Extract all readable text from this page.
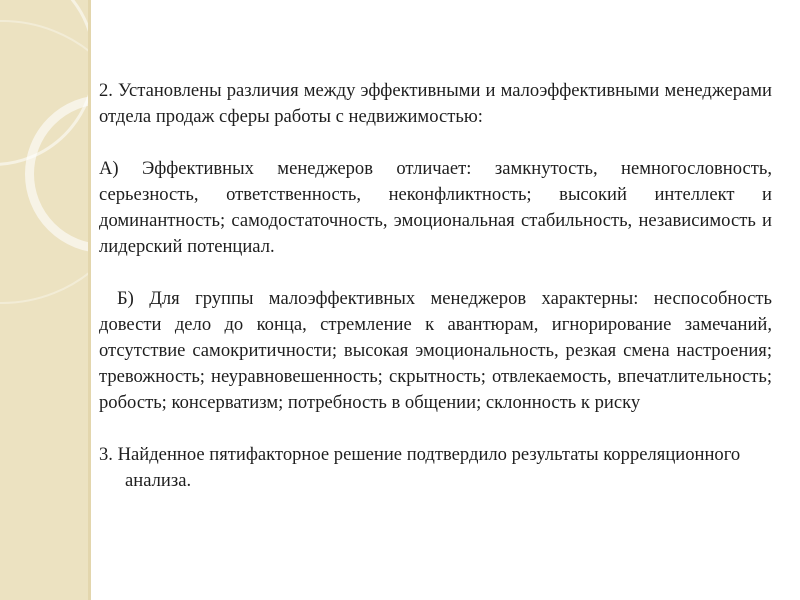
2. Установлены различия между эффективными и малоэффективными менеджерами отдела продаж сферы работы с недвижимостью:

А) Эффективных менеджеров отличает: замкнутость, немногословность, серьезность, ответственность, неконфликтность; высокий интеллект и доминантность; самодостаточность, эмоциональная стабильность, независимость и лидерский потенциал.

Б) Для группы малоэффективных менеджеров характерны: неспособность довести дело до конца, стремление к авантюрам, игнорирование замечаний, отсутствие самокритичности; высокая эмоциональность, резкая смена настроения; тревожность; неуравновешенность; скрытность; отвлекаемость, впечатлительность; робость; консерватизм; потребность в общении; склонность к риску

3. Найденное пятифакторное решение подтвердило результаты корреляционного анализа.
